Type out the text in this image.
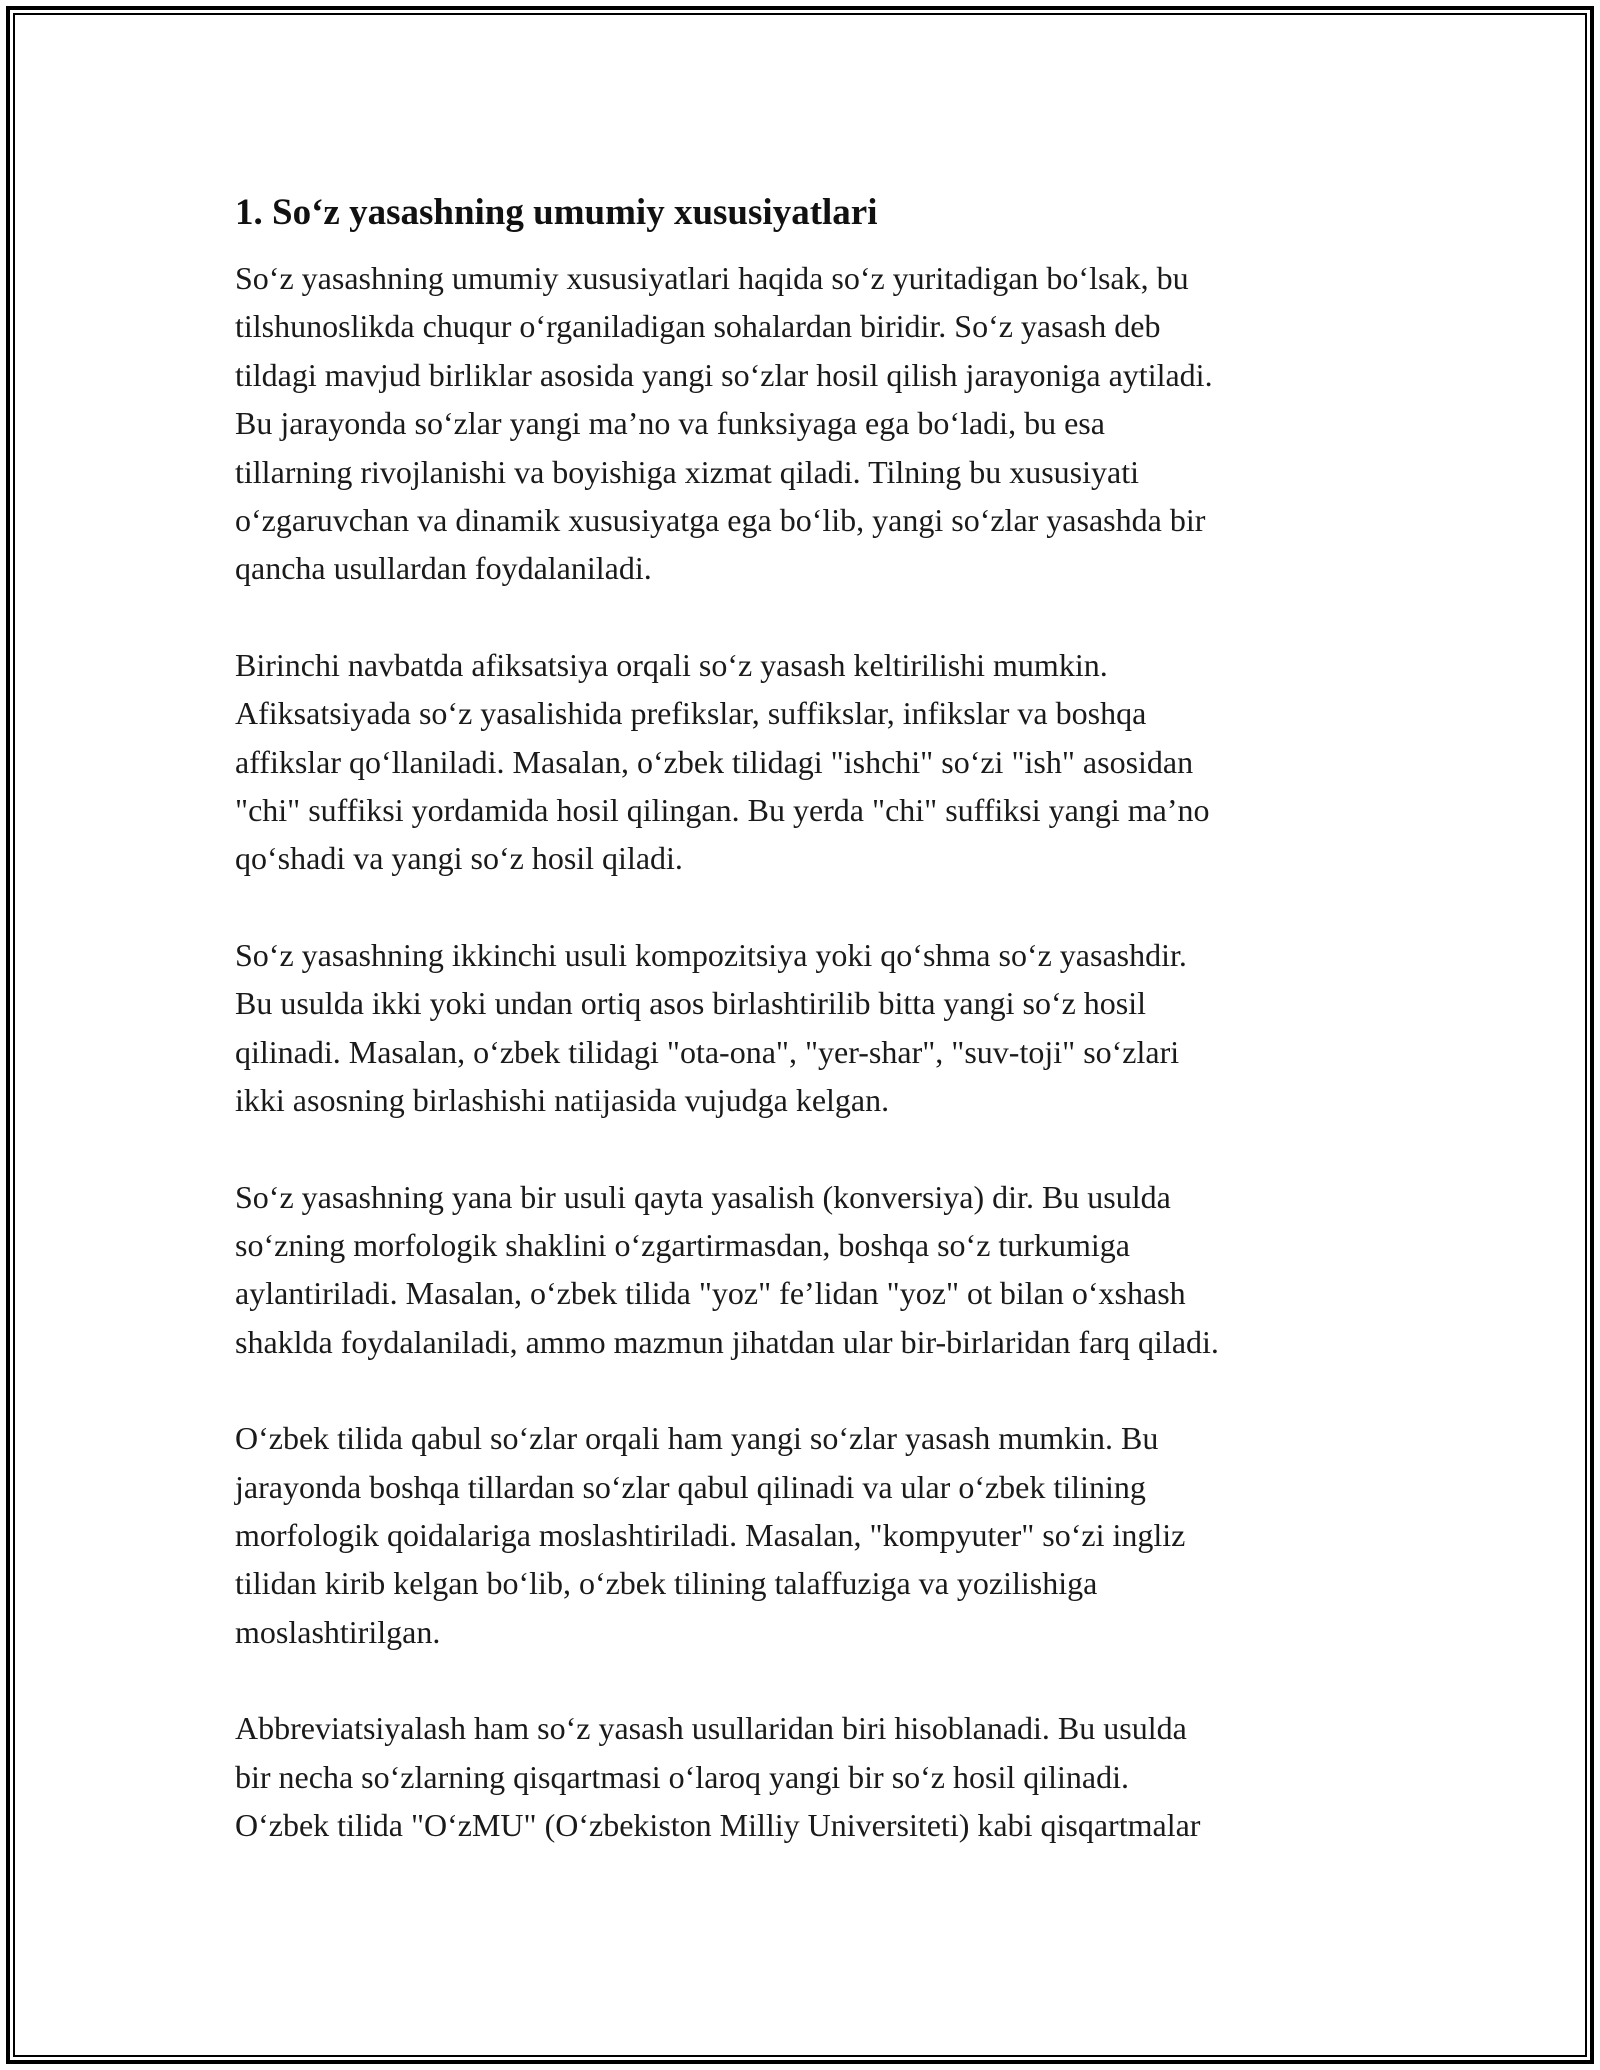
1. So‘z yasashning umumiy xususiyatlari

So‘z yasashning umumiy xususiyatlari haqida so‘z yuritadigan bo‘lsak, bu
tilshunoslikda chuqur o‘rganiladigan sohalardan biridir. So‘z yasash deb
tildagi mavjud birliklar asosida yangi so‘zlar hosil qilish jarayoniga aytiladi.
Bu jarayonda so‘zlar yangi ma’no va funksiyaga ega bo‘ladi, bu esa
tillarning rivojlanishi va boyishiga xizmat qiladi. Tilning bu xususiyati
o‘zgaruvchan va dinamik xususiyatga ega bo‘lib, yangi so‘zlar yasashda bir
qancha usullardan foydalaniladi.

Birinchi navbatda afiksatsiya orqali so‘z yasash keltirilishi mumkin.
Afiksatsiyada so‘z yasalishida prefikslar, suffikslar, infikslar va boshqa
affikslar qo‘llaniladi. Masalan, o‘zbek tilidagi "ishchi" so‘zi "ish" asosidan
"chi" suffiksi yordamida hosil qilingan. Bu yerda "chi" suffiksi yangi ma’no
qo‘shadi va yangi so‘z hosil qiladi.

So‘z yasashning ikkinchi usuli kompozitsiya yoki qo‘shma so‘z yasashdir.
Bu usulda ikki yoki undan ortiq asos birlashtirilib bitta yangi so‘z hosil
qilinadi. Masalan, o‘zbek tilidagi "ota-ona", "yer-shar", "suv-toji" so‘zlari
ikki asosning birlashishi natijasida vujudga kelgan.

So‘z yasashning yana bir usuli qayta yasalish (konversiya) dir. Bu usulda
so‘zning morfologik shaklini o‘zgartirmasdan, boshqa so‘z turkumiga
aylantiriladi. Masalan, o‘zbek tilida "yoz" fe’lidan "yoz" ot bilan o‘xshash
shaklda foydalaniladi, ammo mazmun jihatdan ular bir-birlaridan farq qiladi.

O‘zbek tilida qabul so‘zlar orqali ham yangi so‘zlar yasash mumkin. Bu
jarayonda boshqa tillardan so‘zlar qabul qilinadi va ular o‘zbek tilining
morfologik qoidalariga moslashtiriladi. Masalan, "kompyuter" so‘zi ingliz
tilidan kirib kelgan bo‘lib, o‘zbek tilining talaffuziga va yozilishiga
moslashtirilgan.

Abbreviatsiyalash ham so‘z yasash usullaridan biri hisoblanadi. Bu usulda
bir necha so‘zlarning qisqartmasi o‘laroq yangi bir so‘z hosil qilinadi.
O‘zbek tilida "O‘zMU" (O‘zbekiston Milliy Universiteti) kabi qisqartmalar
